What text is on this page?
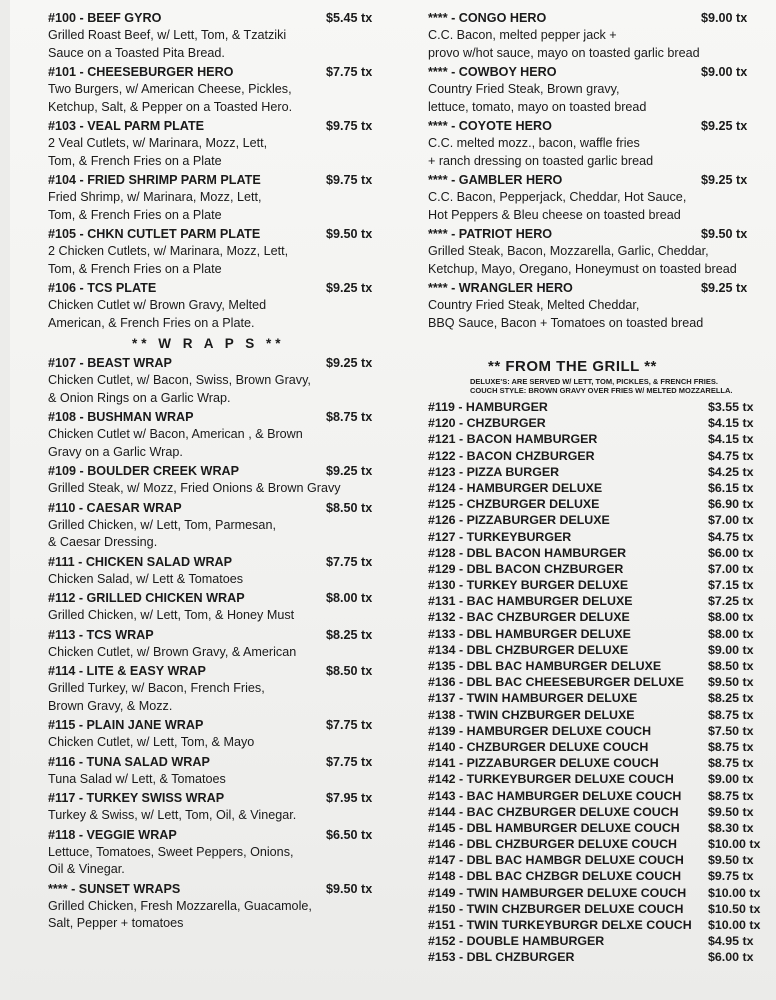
#100 - BEEF GYRO	$5.45 tx
Grilled Roast Beef, w/ Lett, Tom, & Tzatziki
Sauce on a Toasted Pita Bread.
#101 - CHEESEBURGER HERO	$7.75 tx
Two Burgers, w/ American Cheese, Pickles,
Ketchup, Salt, & Pepper on a Toasted Hero.
#103 - VEAL PARM PLATE	$9.75 tx
2 Veal Cutlets, w/ Marinara, Mozz, Lett,
Tom, & French Fries on a Plate
#104 - FRIED SHRIMP PARM PLATE	$9.75 tx
Fried Shrimp, w/ Marinara, Mozz, Lett,
Tom, & French Fries on a Plate
#105 - CHKN CUTLET PARM PLATE	$9.50 tx
2 Chicken Cutlets, w/ Marinara, Mozz, Lett,
Tom, & French Fries on a Plate
#106 - TCS PLATE	$9.25 tx
Chicken Cutlet w/ Brown Gravy, Melted
American, & French Fries on a Plate.
** W R A P S **
#107 - BEAST WRAP	$9.25 tx
Chicken Cutlet, w/ Bacon, Swiss, Brown Gravy,
& Onion Rings on a Garlic Wrap.
#108 - BUSHMAN WRAP	$8.75 tx
Chicken Cutlet w/ Bacon, American , & Brown
Gravy on a Garlic Wrap.
#109 - BOULDER CREEK WRAP	$9.25 tx
Grilled Steak, w/ Mozz, Fried Onions & Brown Gravy
#110 - CAESAR WRAP	$8.50 tx
Grilled Chicken, w/ Lett, Tom, Parmesan,
& Caesar Dressing.
#111 - CHICKEN SALAD WRAP	$7.75 tx
Chicken Salad, w/ Lett & Tomatoes
#112 - GRILLED CHICKEN WRAP	$8.00 tx
Grilled Chicken, w/ Lett, Tom, & Honey Must
#113 - TCS WRAP	$8.25 tx
Chicken Cutlet, w/ Brown Gravy, & American
#114 - LITE & EASY WRAP	$8.50 tx
Grilled Turkey, w/ Bacon, French Fries,
Brown Gravy, & Mozz.
#115 - PLAIN JANE WRAP	$7.75 tx
Chicken Cutlet, w/ Lett, Tom, & Mayo
#116 - TUNA SALAD WRAP	$7.75 tx
Tuna Salad w/ Lett, & Tomatoes
#117 - TURKEY SWISS WRAP	$7.95 tx
Turkey & Swiss, w/ Lett, Tom, Oil, & Vinegar.
#118 - VEGGIE WRAP	$6.50 tx
Lettuce, Tomatoes, Sweet Peppers, Onions,
Oil & Vinegar.
**** - SUNSET WRAPS	$9.50 tx
Grilled Chicken, Fresh Mozzarella, Guacamole,
Salt, Pepper + tomatoes
**** - CONGO HERO	$9.00 tx
C.C. Bacon, melted pepper jack +
provo w/hot sauce, mayo on toasted garlic bread
**** - COWBOY HERO	$9.00 tx
Country Fried Steak, Brown gravy,
lettuce, tomato, mayo on toasted bread
**** - COYOTE HERO	$9.25 tx
C.C. melted mozz., bacon, waffle fries
+ ranch dressing on toasted garlic bread
**** - GAMBLER HERO	$9.25 tx
C.C. Bacon, Pepperjack, Cheddar, Hot Sauce,
Hot Peppers & Bleu cheese on toasted bread
**** - PATRIOT HERO	$9.50 tx
Grilled Steak, Bacon, Mozzarella, Garlic, Cheddar,
Ketchup, Mayo, Oregano, Honeymust on toasted bread
**** - WRANGLER HERO	$9.25 tx
Country Fried Steak, Melted Cheddar,
BBQ Sauce, Bacon + Tomatoes on toasted bread
** FROM THE GRILL **
DELUXE'S: ARE SERVED W/ LETT, TOM, PICKLES, & FRENCH FRIES.
COUCH STYLE: BROWN GRAVY OVER FRIES W/ MELTED MOZZARELLA.
#119 - HAMBURGER	$3.55 tx
#120 - CHZBURGER	$4.15 tx
#121 - BACON HAMBURGER	$4.15 tx
#122 - BACON CHZBURGER	$4.75 tx
#123 - PIZZA BURGER	$4.25 tx
#124 - HAMBURGER DELUXE	$6.15 tx
#125 - CHZBURGER DELUXE	$6.90 tx
#126 - PIZZABURGER DELUXE	$7.00 tx
#127 - TURKEYBURGER	$4.75 tx
#128 - DBL BACON HAMBURGER	$6.00 tx
#129 - DBL BACON CHZBURGER	$7.00 tx
#130 - TURKEY BURGER DELUXE	$7.15 tx
#131 - BAC HAMBURGER DELUXE	$7.25 tx
#132 - BAC CHZBURGER DELUXE	$8.00 tx
#133 - DBL HAMBURGER DELUXE	$8.00 tx
#134 - DBL CHZBURGER DELUXE	$9.00 tx
#135 - DBL BAC HAMBURGER DELUXE	$8.50 tx
#136 - DBL BAC CHEESEBURGER DELUXE $9.50 tx
#137 - TWIN HAMBURGER DELUXE	$8.25 tx
#138 - TWIN CHZBURGER DELUXE	$8.75 tx
#139 - HAMBURGER DELUXE COUCH	$7.50 tx
#140 - CHZBURGER DELUXE COUCH	$8.75 tx
#141 - PIZZABURGER DELUXE COUCH	$8.75 tx
#142 - TURKEYBURGER DELUXE COUCH	$9.00 tx
#143 - BAC HAMBURGER DELUXE COUCH $8.75 tx
#144 - BAC CHZBURGER DELUXE COUCH $9.50 tx
#145 - DBL HAMBURGER DELUXE COUCH $8.30 tx
#146 - DBL CHZBURGER DELUXE COUCH	$10.00 tx
#147 - DBL BAC HAMBGR DELUXE COUCH $9.50 tx
#148 - DBL BAC CHZBGR DELUXE COUCH $9.75 tx
#149 - TWIN HAMBURGER DELUXE COUCH $10.00 tx
#150 - TWIN CHZBURGER DELUXE COUCH $10.50 tx
#151 - TWIN TURKEYBURGR DELXE COUCH $10.00 tx
#152 - DOUBLE HAMBURGER	$4.95 tx
#153 - DBL CHZBURGER	$6.00 tx
